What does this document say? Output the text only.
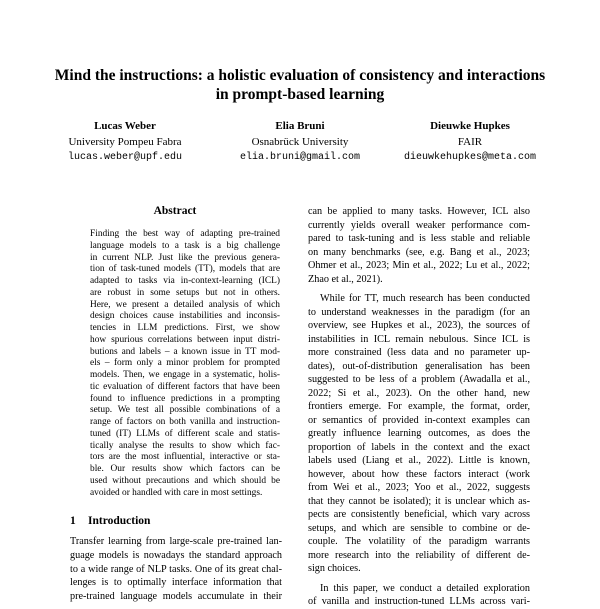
Mind the instructions: a holistic evaluation of consistency and interactions
in prompt-based learning
Lucas Weber
University Pompeu Fabra
lucas.weber@upf.edu
Elia Bruni
Osnabrück University
elia.bruni@gmail.com
Dieuwke Hupkes
FAIR
dieuwkehupkes@meta.com
Abstract
Finding the best way of adapting pre-trained
language models to a task is a big challenge
in current NLP. Just like the previous genera-
tion of task-tuned models (TT), models that are
adapted to tasks via in-context-learning (ICL)
are robust in some setups but not in others.
Here, we present a detailed analysis of which
design choices cause instabilities and inconsis-
tencies in LLM predictions. First, we show
how spurious correlations between input distri-
butions and labels – a known issue in TT mod-
els – form only a minor problem for prompted
models. Then, we engage in a systematic, holis-
tic evaluation of different factors that have been
found to influence predictions in a prompting
setup. We test all possible combinations of a
range of factors on both vanilla and instruction-
tuned (IT) LLMs of different scale and statis-
tically analyse the results to show which fac-
tors are the most influential, interactive or sta-
ble. Our results show which factors can be
used without precautions and which should be
avoided or handled with care in most settings.
1 Introduction
Transfer learning from large-scale pre-trained lan-
guage models is nowadays the standard approach
to a wide range of NLP tasks. One of its great chal-
lenges is to optimally interface information that
pre-trained language models accumulate in their
can be applied to many tasks. However, ICL also
currently yields overall weaker performance com-
pared to task-tuning and is less stable and reliable
on many benchmarks (see, e.g. Bang et al., 2023;
Ohmer et al., 2023; Min et al., 2022; Lu et al., 2022;
Zhao et al., 2021).
While for TT, much research has been conducted
to understand weaknesses in the paradigm (for an
overview, see Hupkes et al., 2023), the sources of
instabilities in ICL remain nebulous. Since ICL is
more constrained (less data and no parameter up-
dates), out-of-distribution generalisation has been
suggested to be less of a problem (Awadalla et al.,
2022; Si et al., 2023). On the other hand, new
frontiers emerge. For example, the format, order,
or semantics of provided in-context examples can
greatly influence learning outcomes, as does the
proportion of labels in the context and the exact
labels used (Liang et al., 2022). Little is known,
however, about how these factors interact (work
from Wei et al., 2023; Yoo et al., 2022, suggests
that they cannot be isolated); it is unclear which as-
pects are consistently beneficial, which vary across
setups, and which are sensible to combine or de-
couple. The volatility of the paradigm warrants
more research into the reliability of different de-
sign choices.
In this paper, we conduct a detailed exploration
of vanilla and instruction-tuned LLMs across vari-
